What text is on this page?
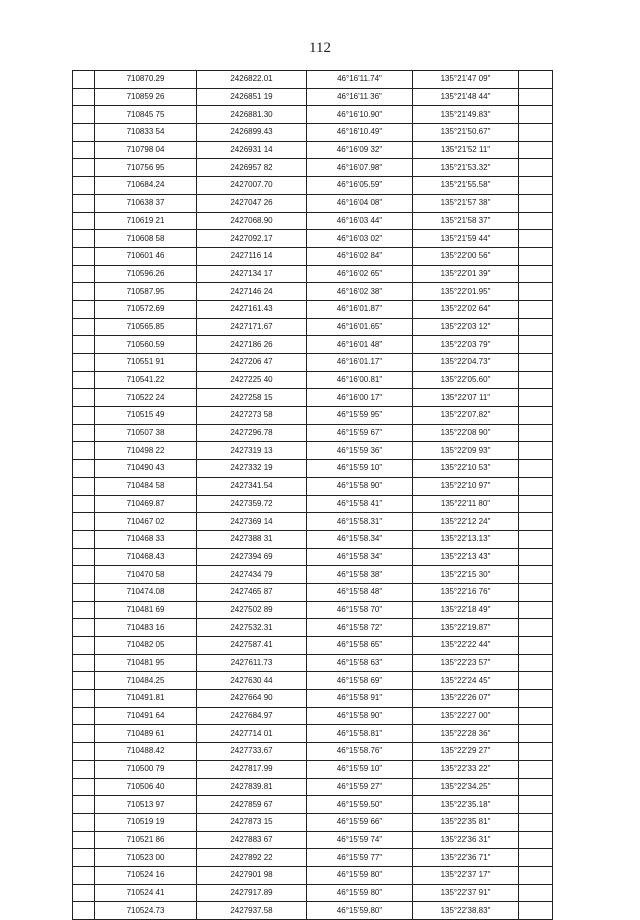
112
	710870.29	2426822.01	46°16'11.74"	135°21'47 09"	
	710859 26	2426851 19	46°16'11 36"	135°21'48 44"	
	710845 75	2426881.30	46°16'10.90"	135°21'49.83"	
	710833 54	2426899.43	46°16'10.49"	135°21'50.67"	
	710798 04	2426931 14	46°16'09 32"	135°21'52 11"	
	710756 95	2426957 82	46°16'07.98"	135°21'53.32"	
	710684.24	2427007.70	46°16'05.59"	135°21'55.58"	
	710638 37	2427047 26	46°16'04 08"	135°21'57 38"	
	710619 21	2427068.90	46°16'03 44"	135°21'58 37"	
	710608 58	2427092.17	46°16'03 02"	135°21'59 44"	
	710601 46	2427116 14	46°16'02 84"	135°22'00 56"	
	710596.26	2427134 17	46°16'02 65"	135°22'01 39"	
	710587.95	2427146 24	46°16'02 38"	135°22'01.95"	
	710572.69	2427161.43	46°16'01.87"	135°22'02 64"	
	710565.85	2427171.67	46°16'01.65"	135°22'03 12"	
	710560.59	2427186 26	46°16'01 48"	135°22'03 79"	
	710551 91	2427206 47	46°16'01.17"	135°22'04.73"	
	710541.22	2427225 40	46°16'00.81"	135°22'05.60"	
	710522 24	2427258 15	46°16'00 17"	135°22'07 11"	
	710515 49	2427273 58	46°15'59 95"	135°22'07.82"	
	710507 38	2427296.78	46°15'59 67"	135°22'08 90"	
	710498 22	2427319 13	46°15'59 36"	135°22'09 93"	
	710490 43	2427332 19	46°15'59 10"	135°22'10 53"	
	710484 58	2427341.54	46°15'58 90"	135°22'10 97"	
	710469.87	2427359.72	46°15'58 41"	135°22'11 80"	
	710467 02	2427369 14	46°15'58.31"	135°22'12 24"	
	710468 33	2427388 31	46°15'58.34"	135°22'13.13"	
	710468.43	2427394 69	46°15'58 34"	135°22'13 43"	
	710470 58	2427434 79	46°15'58 38"	135°22'15 30"	
	710474.08	2427465 87	46°15'58 48"	135°22'16 76"	
	710481 69	2427502 89	46°15'58 70"	135°22'18 49"	
	710483 16	2427532.31	46°15'58 72"	135°22'19.87"	
	710482 05	2427587.41	46°15'58 65"	135°22'22 44"	
	710481 95	2427611.73	46°15'58 63"	135°22'23 57"	
	710484.25	2427630 44	46°15'58 69"	135°22'24 45"	
	710491.81	2427664 90	46°15'58 91"	135°22'26 07"	
	710491 64	2427684.97	46°15'58 90"	135°22'27 00"	
	710489 61	2427714 01	46°15'58.81"	135°22'28 36"	
	710488.42	2427733.67	46°15'58.76"	135°22'29 27"	
	710500 79	2427817.99	46°15'59 10"	135°22'33 22"	
	710506 40	2427839.81	46°15'59 27"	135°22'34.25"	
	710513 97	2427859 67	46°15'59.50"	135°22'35.18"	
	710519 19	2427873 15	46°15'59 66"	135°22'35 81"	
	710521 86	2427883 67	46°15'59 74"	135°22'36 31"	
	710523 00	2427892 22	46°15'59 77"	135°22'36 71"	
	710524 16	2427901 98	46°15'59 80"	135°22'37 17"	
	710524 41	2427917.89	46°15'59 80"	135°22'37 91"	
	710524.73	2427937.58	46°15'59.80"	135°22'38.83"	
